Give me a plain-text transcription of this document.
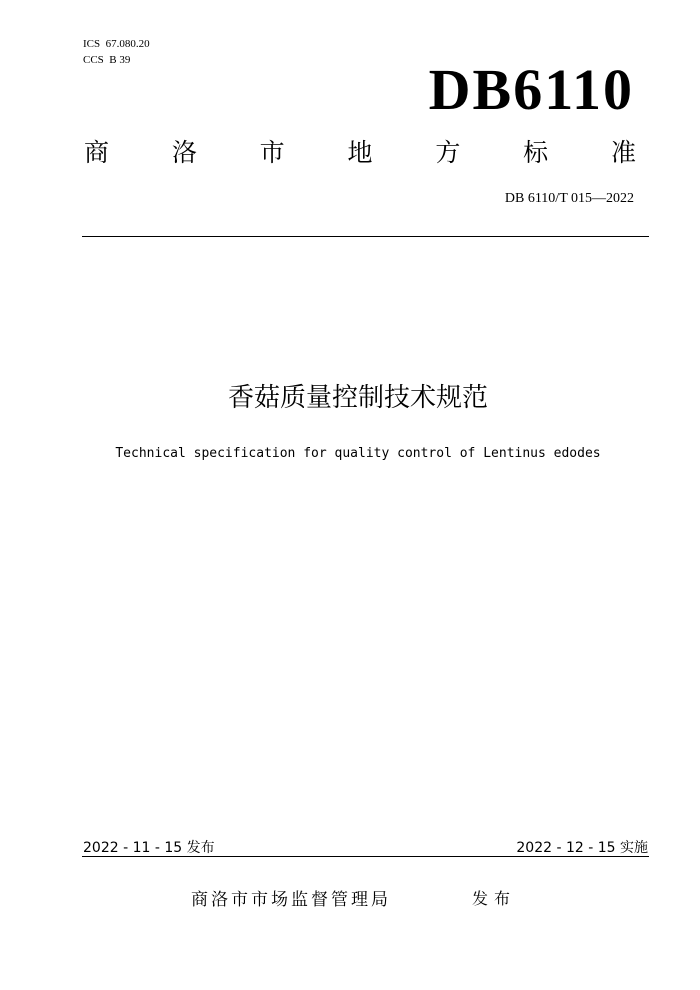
ICS  67.080.20
CCS  B 39	DB6110
商	洛	市	地	方	标	准
DB 6110/T 015—2022
香菇质量控制技术规范
Technical specification for quality control of Lentinus edodes
2022 - 11 - 15 发布	2022 - 12 - 15 实施
商洛市市场监督管理局	发布
